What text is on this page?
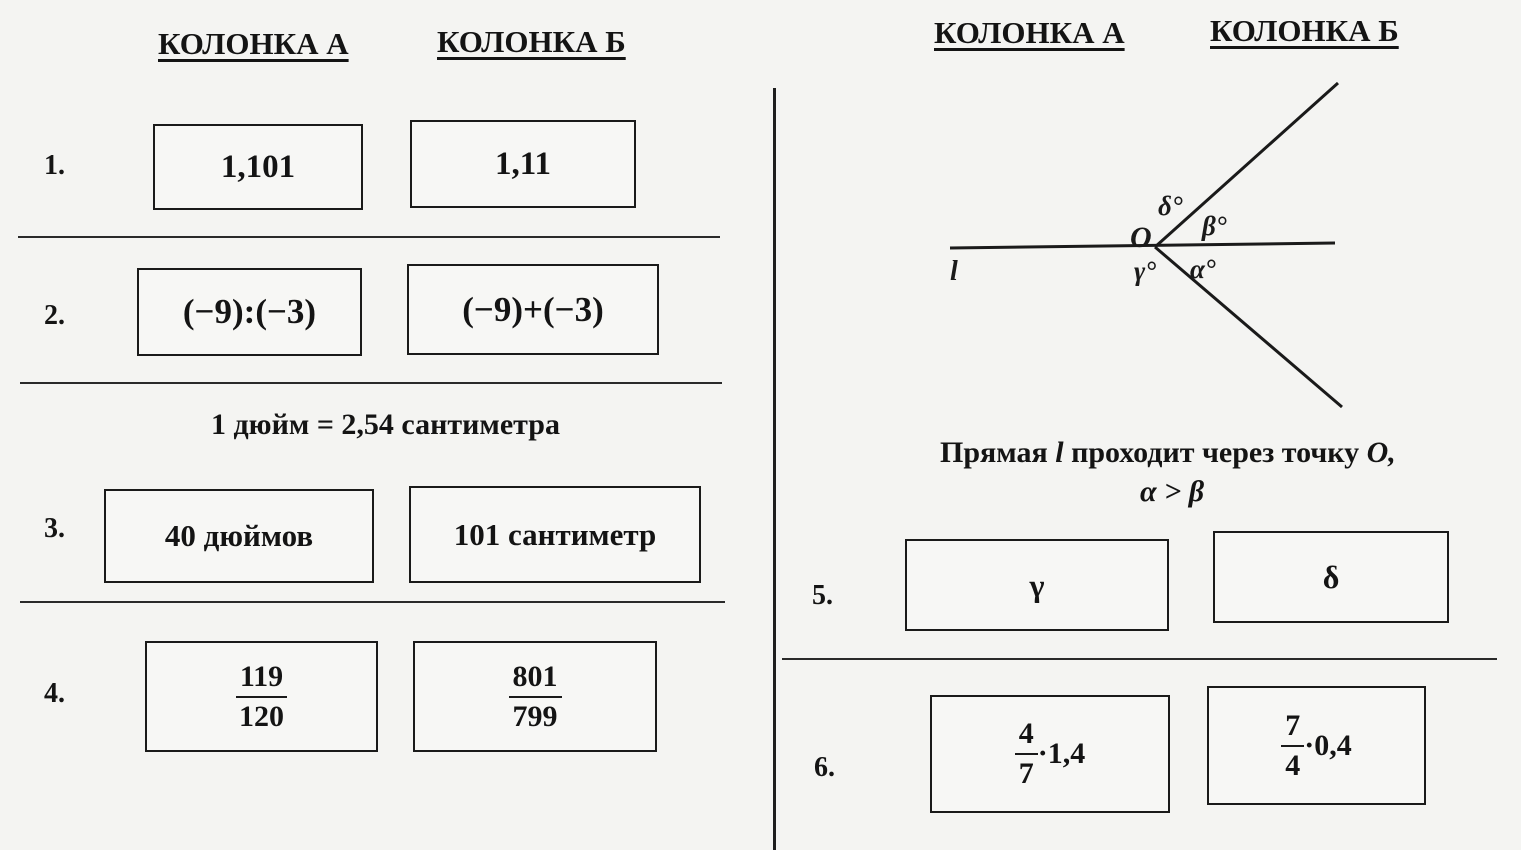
КОЛОНКА А	КОЛОНКА Б
1.	1,101	1,11
2.	(−9):(−3)	(−9)+(−3)
1 дюйм = 2,54 сантиметра
3.	40 дюймов	101 сантиметр
4.	$\frac{119}{120}$	$\frac{801}{799}$
КОЛОНКА А	КОЛОНКА Б
l
O
δ°
β°
γ° α°
Прямая l проходит через точку O,
α > β
5.	γ	δ
6.	$\frac{4}{7} \cdot 1,4$	$\frac{7}{4} \cdot 0,4$
